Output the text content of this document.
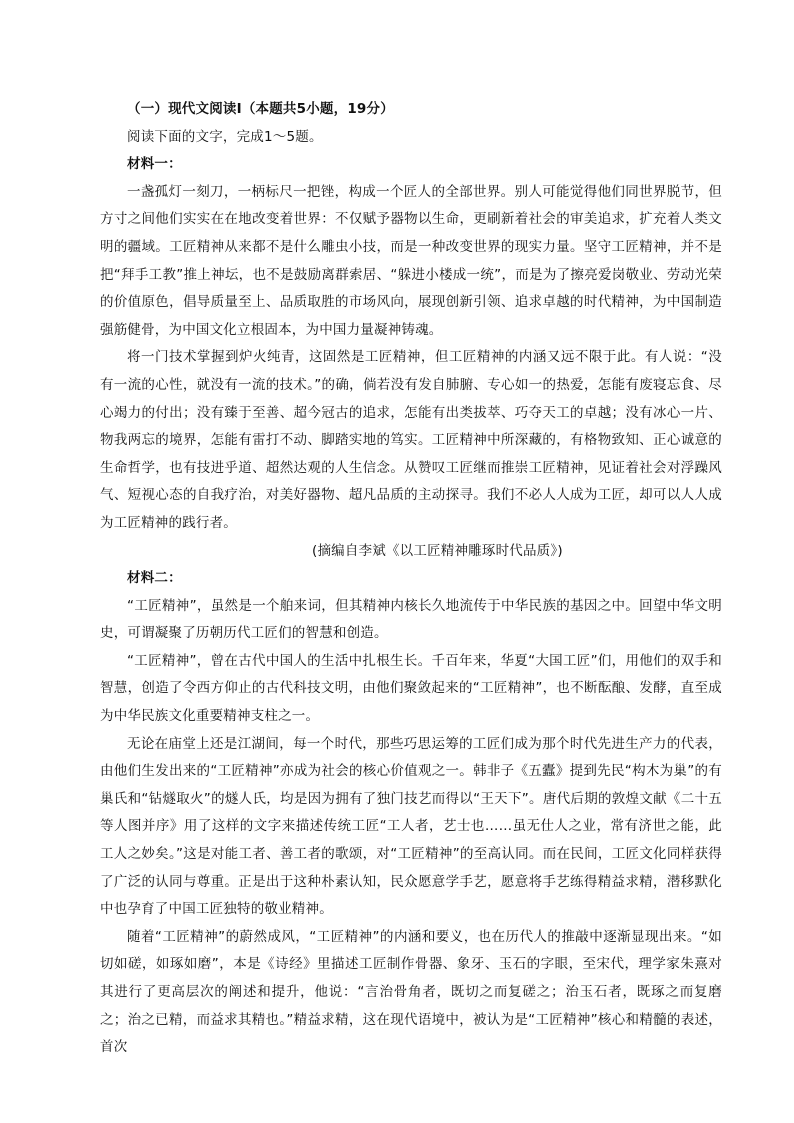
（一）现代文阅读Ⅰ（本题共5小题，19分）

阅读下面的文字，完成1～5题。

材料一：

一盏孤灯一刻刀，一柄标尺一把锉，构成一个匠人的全部世界。别人可能觉得他们同世界脱节，但方寸之间他们实实在在地改变着世界：不仅赋予器物以生命，更刷新着社会的审美追求，扩充着人类文明的疆域。工匠精神从来都不是什么雕虫小技，而是一种改变世界的现实力量。坚守工匠精神，并不是把“拜手工教”推上神坛，也不是鼓励离群索居、“躲进小楼成一统”，而是为了擦亮爱岗敬业、劳动光荣的价值原色，倡导质量至上、品质取胜的市场风向，展现创新引领、追求卓越的时代精神，为中国制造强筋健骨，为中国文化立根固本，为中国力量凝神铸魂。

将一门技术掌握到炉火纯青，这固然是工匠精神，但工匠精神的内涵又远不限于此。有人说：“没有一流的心性，就没有一流的技术。”的确，倘若没有发自肺腑、专心如一的热爱，怎能有废寝忘食、尽心竭力的付出；没有臻于至善、超今冠古的追求，怎能有出类拔萃、巧夺天工的卓越；没有冰心一片、物我两忘的境界，怎能有雷打不动、脚踏实地的笃实。工匠精神中所深藏的，有格物致知、正心诚意的生命哲学，也有技进乎道、超然达观的人生信念。从赞叹工匠继而推崇工匠精神，见证着社会对浮躁风气、短视心态的自我疗治，对美好器物、超凡品质的主动探寻。我们不必人人成为工匠，却可以人人成为工匠精神的践行者。

(摘编自李斌《以工匠精神雕琢时代品质》)

材料二：

“工匠精神”，虽然是一个舶来词，但其精神内核长久地流传于中华民族的基因之中。回望中华文明史，可谓凝聚了历朝历代工匠们的智慧和创造。

“工匠精神”，曾在古代中国人的生活中扎根生长。千百年来，华夏“大国工匠”们，用他们的双手和智慧，创造了令西方仰止的古代科技文明，由他们聚敛起来的“工匠精神”，也不断酝酿、发酵，直至成为中华民族文化重要精神支柱之一。

无论在庙堂上还是江湖间，每一个时代，那些巧思运筹的工匠们成为那个时代先进生产力的代表，由他们生发出来的“工匠精神”亦成为社会的核心价值观之一。韩非子《五蠹》提到先民“构木为巢”的有巢氏和“钻燧取火”的燧人氏，均是因为拥有了独门技艺而得以“王天下”。唐代后期的敦煌文献《二十五等人图并序》用了这样的文字来描述传统工匠“工人者，艺士也……虽无仕人之业，常有济世之能，此工人之妙矣。”这是对能工者、善工者的歌颂，对“工匠精神”的至高认同。而在民间，工匠文化同样获得了广泛的认同与尊重。正是出于这种朴素认知，民众愿意学手艺，愿意将手艺练得精益求精，潜移默化中也孕育了中国工匠独特的敬业精神。

随着“工匠精神”的蔚然成风，“工匠精神”的内涵和要义，也在历代人的推敲中逐渐显现出来。“如切如磋，如琢如磨”，本是《诗经》里描述工匠制作骨器、象牙、玉石的字眼，至宋代，理学家朱熹对其进行了更高层次的阐述和提升，他说：“言治骨角者，既切之而复磋之；治玉石者，既琢之而复磨之；治之已精，而益求其精也。”精益求精，这在现代语境中，被认为是“工匠精神”核心和精髓的表述，首次
